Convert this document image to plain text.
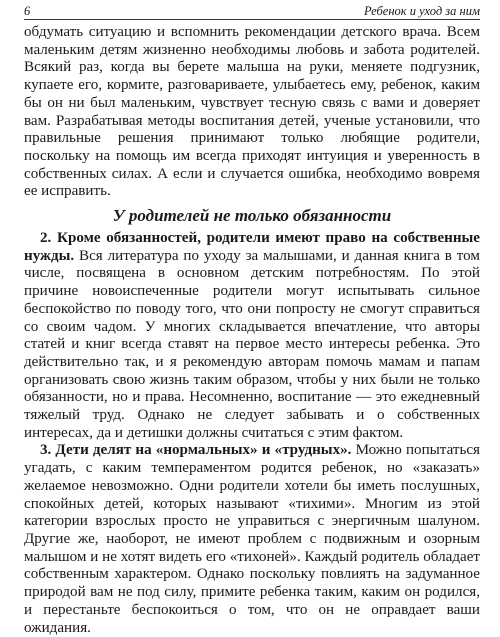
6	Ребенок и уход за ним

обдумать ситуацию и вспомнить рекомендации детского врача. Всем маленьким детям жизненно необходимы любовь и забота родителей. Всякий раз, когда вы берете малыша на руки, меняете подгузник, купаете его, кормите, разговариваете, улыбаетесь ему, ребенок, каким бы он ни был маленьким, чувствует тесную связь с вами и доверяет вам. Разрабатывая методы воспитания детей, ученые установили, что правильные решения принимают только любящие родители, поскольку на помощь им всегда приходят интуиция и уверенность в собственных силах. А если и случается ошибка, необходимо вовремя ее исправить.

У родителей не только обязанности

2. Кроме обязанностей, родители имеют право на собственные нужды. Вся литература по уходу за малышами, и данная книга в том числе, посвящена в основном детским потребностям. По этой причине новоиспеченные родители могут испытывать сильное беспокойство по поводу того, что они попросту не смогут справиться со своим чадом. У многих складывается впечатление, что авторы статей и книг всегда ставят на первое место интересы ребенка. Это действительно так, и я рекомендую авторам помочь мамам и папам организовать свою жизнь таким образом, чтобы у них были не только обязанности, но и права. Несомненно, воспитание — это ежедневный тяжелый труд. Однако не следует забывать и о собственных интересах, да и детишки должны считаться с этим фактом.

3. Дети делят на «нормальных» и «трудных». Можно попытаться угадать, с каким темпераментом родится ребенок, но «заказать» желаемое невозможно. Одни родители хотели бы иметь послушных, спокойных детей, которых называют «тихими». Многим из этой категории взрослых просто не управиться с энергичным шалуном. Другие же, наоборот, не имеют проблем с подвижным и озорным малышом и не хотят видеть его «тихоней». Каждый родитель обладает собственным характером. Однако поскольку повлиять на задуманное природой вам не под силу, примите ребенка таким, каким он родился, и перестаньте беспокоиться о том, что он не оправдает ваши ожидания.
